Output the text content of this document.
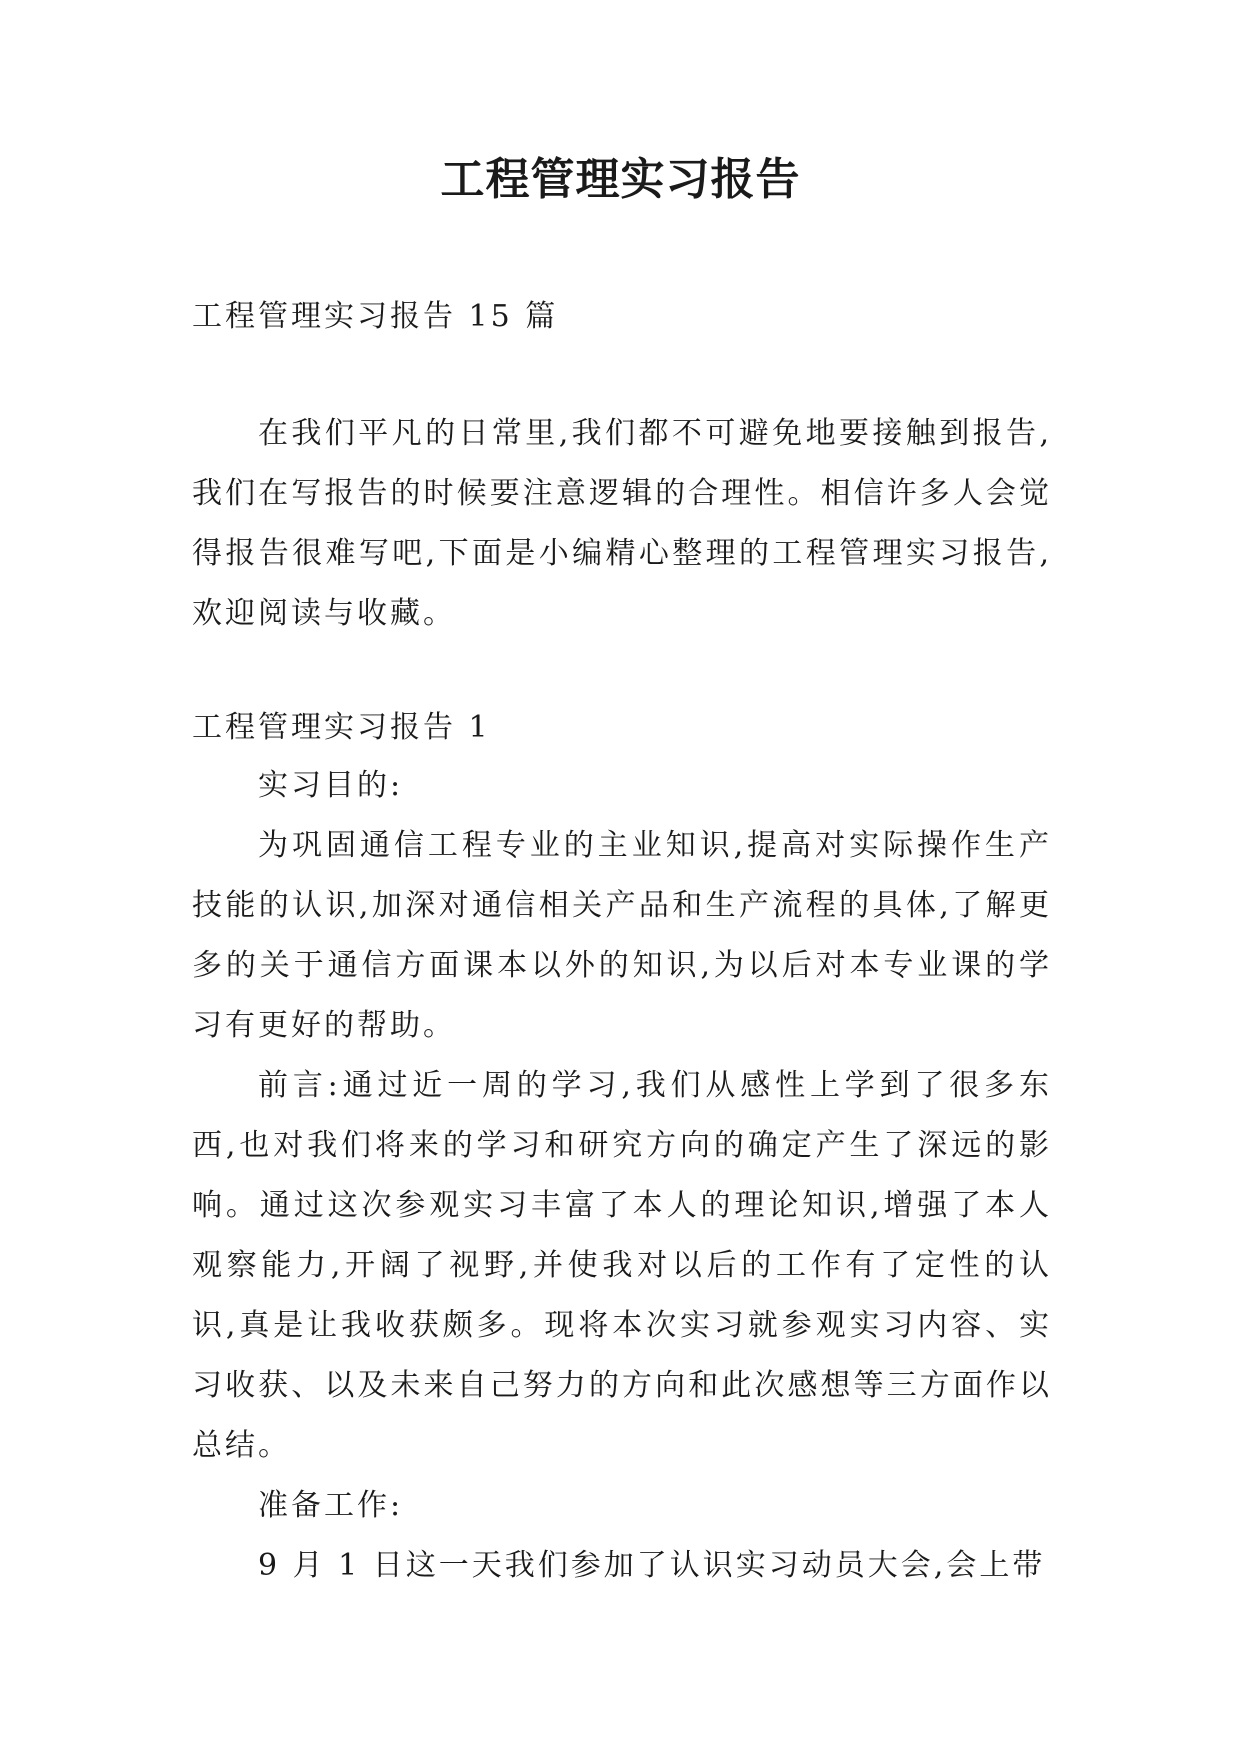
工程管理实习报告

工程管理实习报告 15 篇

在我们平凡的日常里,我们都不可避免地要接触到报告,我们在写报告的时候要注意逻辑的合理性。相信许多人会觉得报告很难写吧,下面是小编精心整理的工程管理实习报告,欢迎阅读与收藏。

工程管理实习报告 1

实习目的:

为巩固通信工程专业的主业知识,提高对实际操作生产技能的认识,加深对通信相关产品和生产流程的具体,了解更多的关于通信方面课本以外的知识,为以后对本专业课的学习有更好的帮助。

前言:通过近一周的学习,我们从感性上学到了很多东西,也对我们将来的学习和研究方向的确定产生了深远的影响。通过这次参观实习丰富了本人的理论知识,增强了本人观察能力,开阔了视野,并使我对以后的工作有了定性的认识,真是让我收获颇多。现将本次实习就参观实习内容、实习收获、以及未来自己努力的方向和此次感想等三方面作以总结。

准备工作:

9 月 1 日这一天我们参加了认识实习动员大会,会上带
